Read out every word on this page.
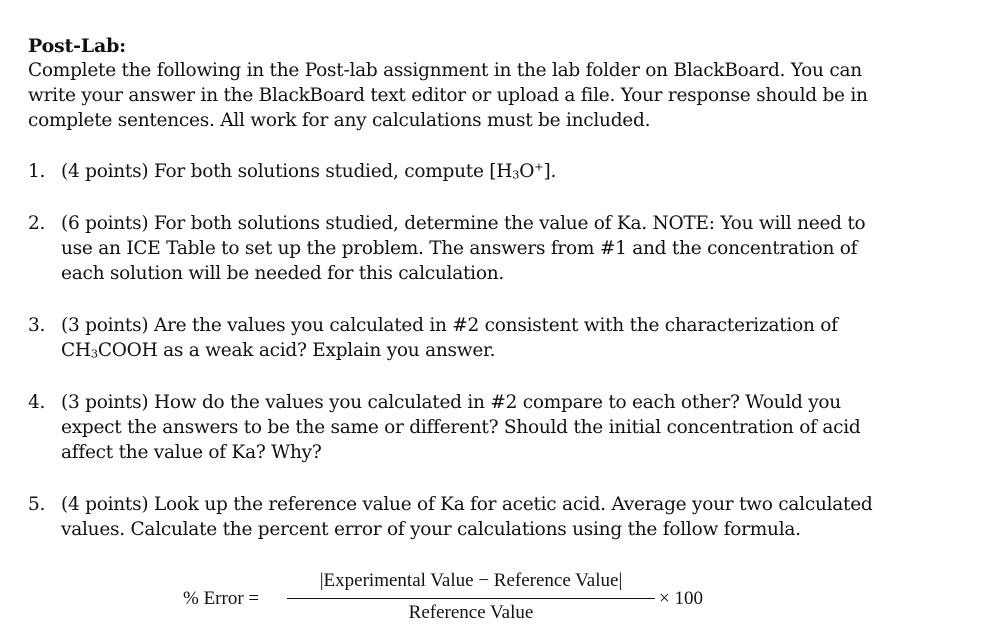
Post-Lab:

Complete the following in the Post-lab assignment in the lab folder on BlackBoard. You can write your answer in the BlackBoard text editor or upload a file. Your response should be in complete sentences. All work for any calculations must be included.

1. (4 points) For both solutions studied, compute $[H_3O^+]$.
2. (6 points) For both solutions studied, determine the value of Ka. NOTE: You will need to use an ICE Table to set up the problem. The answers from #1 and the concentration of each solution will be needed for this calculation.
3. (3 points) Are the values you calculated in #2 consistent with the characterization of $CH_3COOH$ as a weak acid? Explain you answer.
4. (3 points) How do the values you calculated in #2 compare to each other? Would you expect the answers to be the same or different? Should the initial concentration of acid affect the value of Ka? Why?
5. (4 points) Look up the reference value of Ka for acetic acid. Average your two calculated values. Calculate the percent error of your calculations using the follow formula.
% Error =
|Experimental Value − Reference Value|
Reference Value
× 100
